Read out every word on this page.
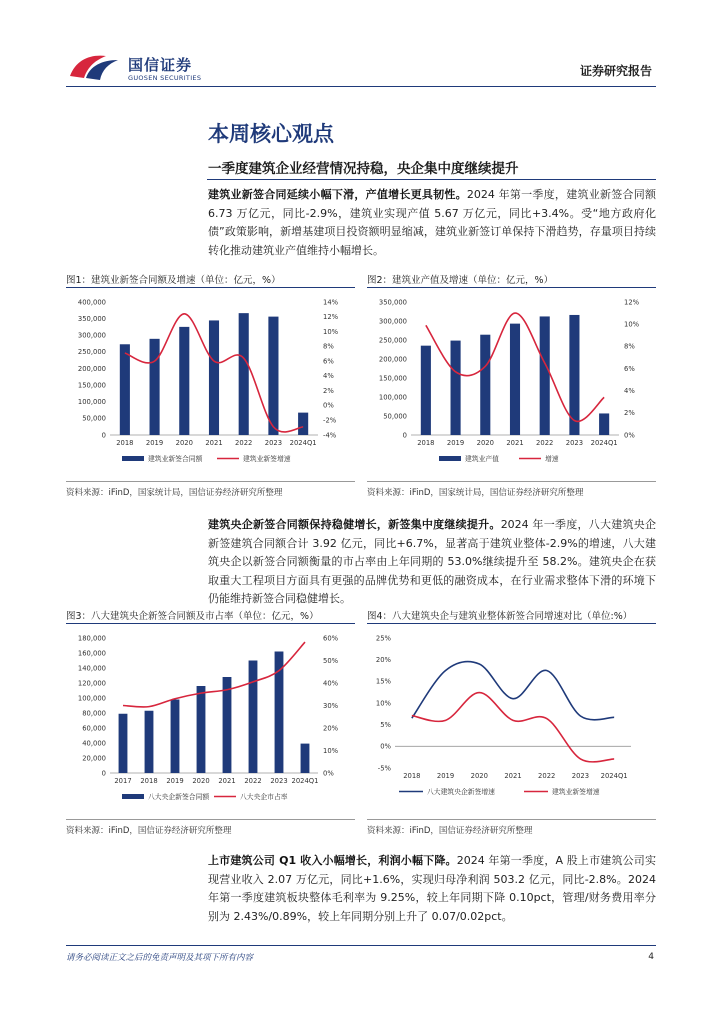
国信证券
GUOSEN SECURITIES	证券研究报告
本周核心观点
一季度建筑企业经营情况持稳，央企集中度继续提升
建筑业新签合同延续小幅下滑，产值增长更具韧性。2024 年第一季度，建筑业新签合同额 6.73 万亿元，同比-2.9%，建筑业实现产值 5.67 万亿元，同比+3.4%。受“地方政府化债”政策影响，新增基建项目投资额明显缩减，建筑业新签订单保持下滑趋势，存量项目持续转化推动建筑业产值维持小幅增长。
图1：建筑业新签合同额及增速（单位：亿元，%）
0
50,000
100,000
150,000
200,000
250,000
300,000
350,000
400,000
-4%
-2%
0%
2%
4%
6%
8%
10%
12%
14%
2018 2019 2020 2021 2022 2023 2024Q1
建筑业新签合同额	建筑业新签增速
资料来源：iFinD，国家统计局，国信证券经济研究所整理
图2：建筑业产值及增速（单位：亿元，%）
0
50,000
100,000
150,000
200,000
250,000
300,000
350,000
0%
2%
4%
6%
8%
10%
12%
2018 2019 2020 2021 2022 2023 2024Q1
建筑业产值	增速
资料来源：iFinD，国家统计局，国信证券经济研究所整理
建筑央企新签合同额保持稳健增长，新签集中度继续提升。2024 年一季度，八大建筑央企新签建筑合同额合计 3.92 亿元，同比+6.7%，显著高于建筑业整体-2.9%的增速，八大建筑央企以新签合同额衡量的市占率由上年同期的 53.0%继续提升至 58.2%。建筑央企在获取重大工程项目方面具有更强的品牌优势和更低的融资成本，在行业需求整体下滑的环境下仍能维持新签合同稳健增长。
图3：八大建筑央企新签合同额及市占率（单位：亿元，%）
0
20,000
40,000
60,000
80,000
100,000
120,000
140,000
160,000
180,000
0%
10%
20%
30%
40%
50%
60%
2017 2018 2019 2020 2021 2022 2023 2024Q1
八大央企新签合同额	八大央企市占率
资料来源：iFinD，国信证券经济研究所整理
图4：八大建筑央企与建筑业整体新签合同增速对比（单位:%）
-5%
0%
5%
10%
15%
20%
25%
2018 2019 2020 2021 2022 2023 2024Q1
八大建筑央企新签增速	建筑业新签增速
资料来源：iFinD，国信证券经济研究所整理
上市建筑公司 Q1 收入小幅增长，利润小幅下降。2024 年第一季度，A 股上市建筑公司实现营业收入 2.07 万亿元，同比+1.6%，实现归母净利润 503.2 亿元，同比-2.8%。2024 年第一季度建筑板块整体毛利率为 9.25%，较上年同期下降 0.10pct，管理/财务费用率分别为 2.43%/0.89%，较上年同期分别上升了 0.07/0.02pct。
请务必阅读正文之后的免责声明及其项下所有内容	4
